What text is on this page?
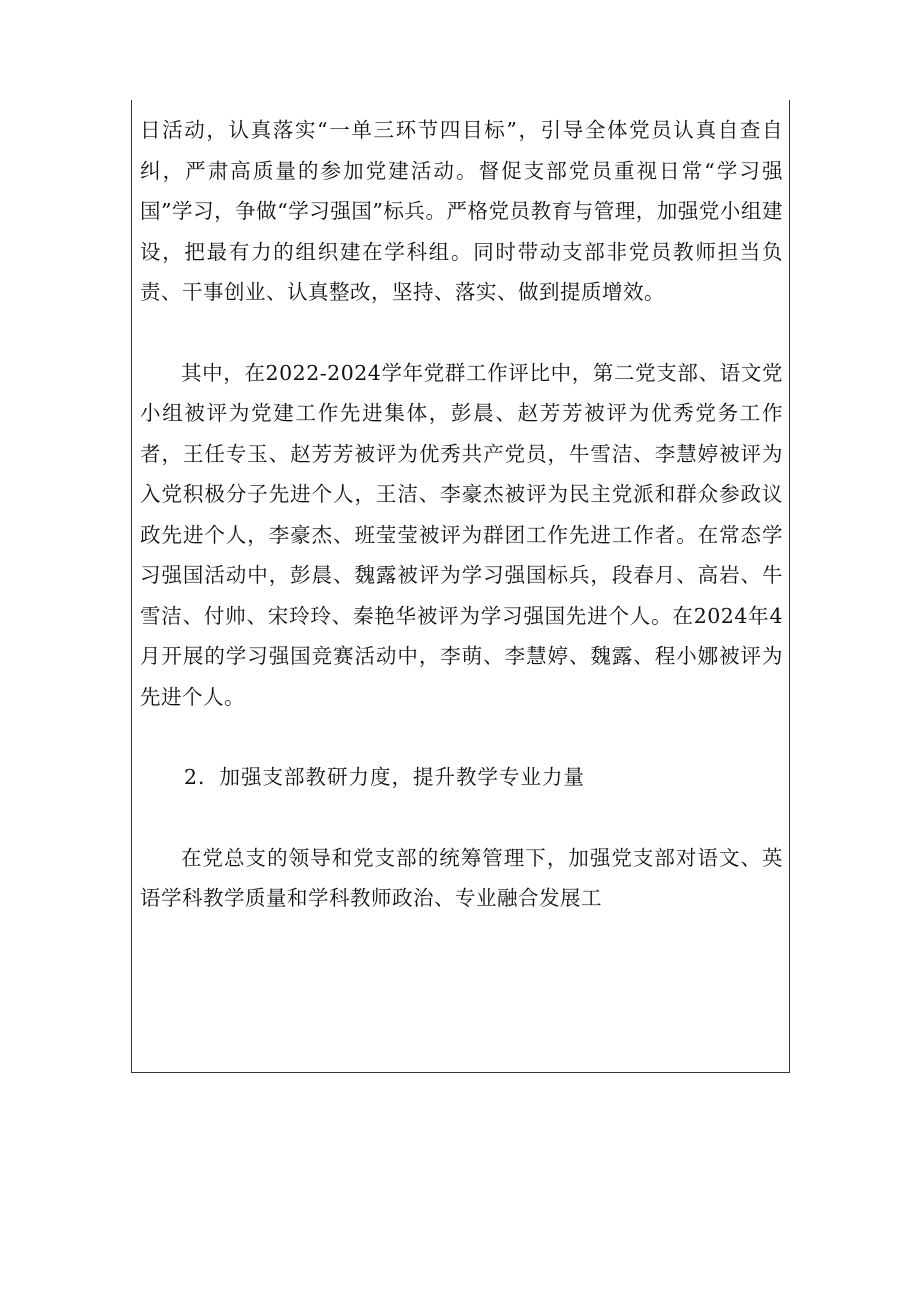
日活动，认真落实“一单三环节四目标”，引导全体党员认真自查自纠，严肃高质量的参加党建活动。督促支部党员重视日常“学习强国”学习，争做“学习强国”标兵。严格党员教育与管理，加强党小组建设，把最有力的组织建在学科组。同时带动支部非党员教师担当负责、干事创业、认真整改，坚持、落实、做到提质增效。

其中，在2022-2024学年党群工作评比中，第二党支部、语文党小组被评为党建工作先进集体，彭晨、赵芳芳被评为优秀党务工作者，王任专玉、赵芳芳被评为优秀共产党员，牛雪洁、李慧婷被评为入党积极分子先进个人，王洁、李豪杰被评为民主党派和群众参政议政先进个人，李豪杰、班莹莹被评为群团工作先进工作者。在常态学习强国活动中，彭晨、魏露被评为学习强国标兵，段春月、高岩、牛雪洁、付帅、宋玲玲、秦艳华被评为学习强国先进个人。在2024年4月开展的学习强国竞赛活动中，李萌、李慧婷、魏露、程小娜被评为先进个人。

2．加强支部教研力度，提升教学专业力量

在党总支的领导和党支部的统筹管理下，加强党支部对语文、英语学科教学质量和学科教师政治、专业融合发展工
